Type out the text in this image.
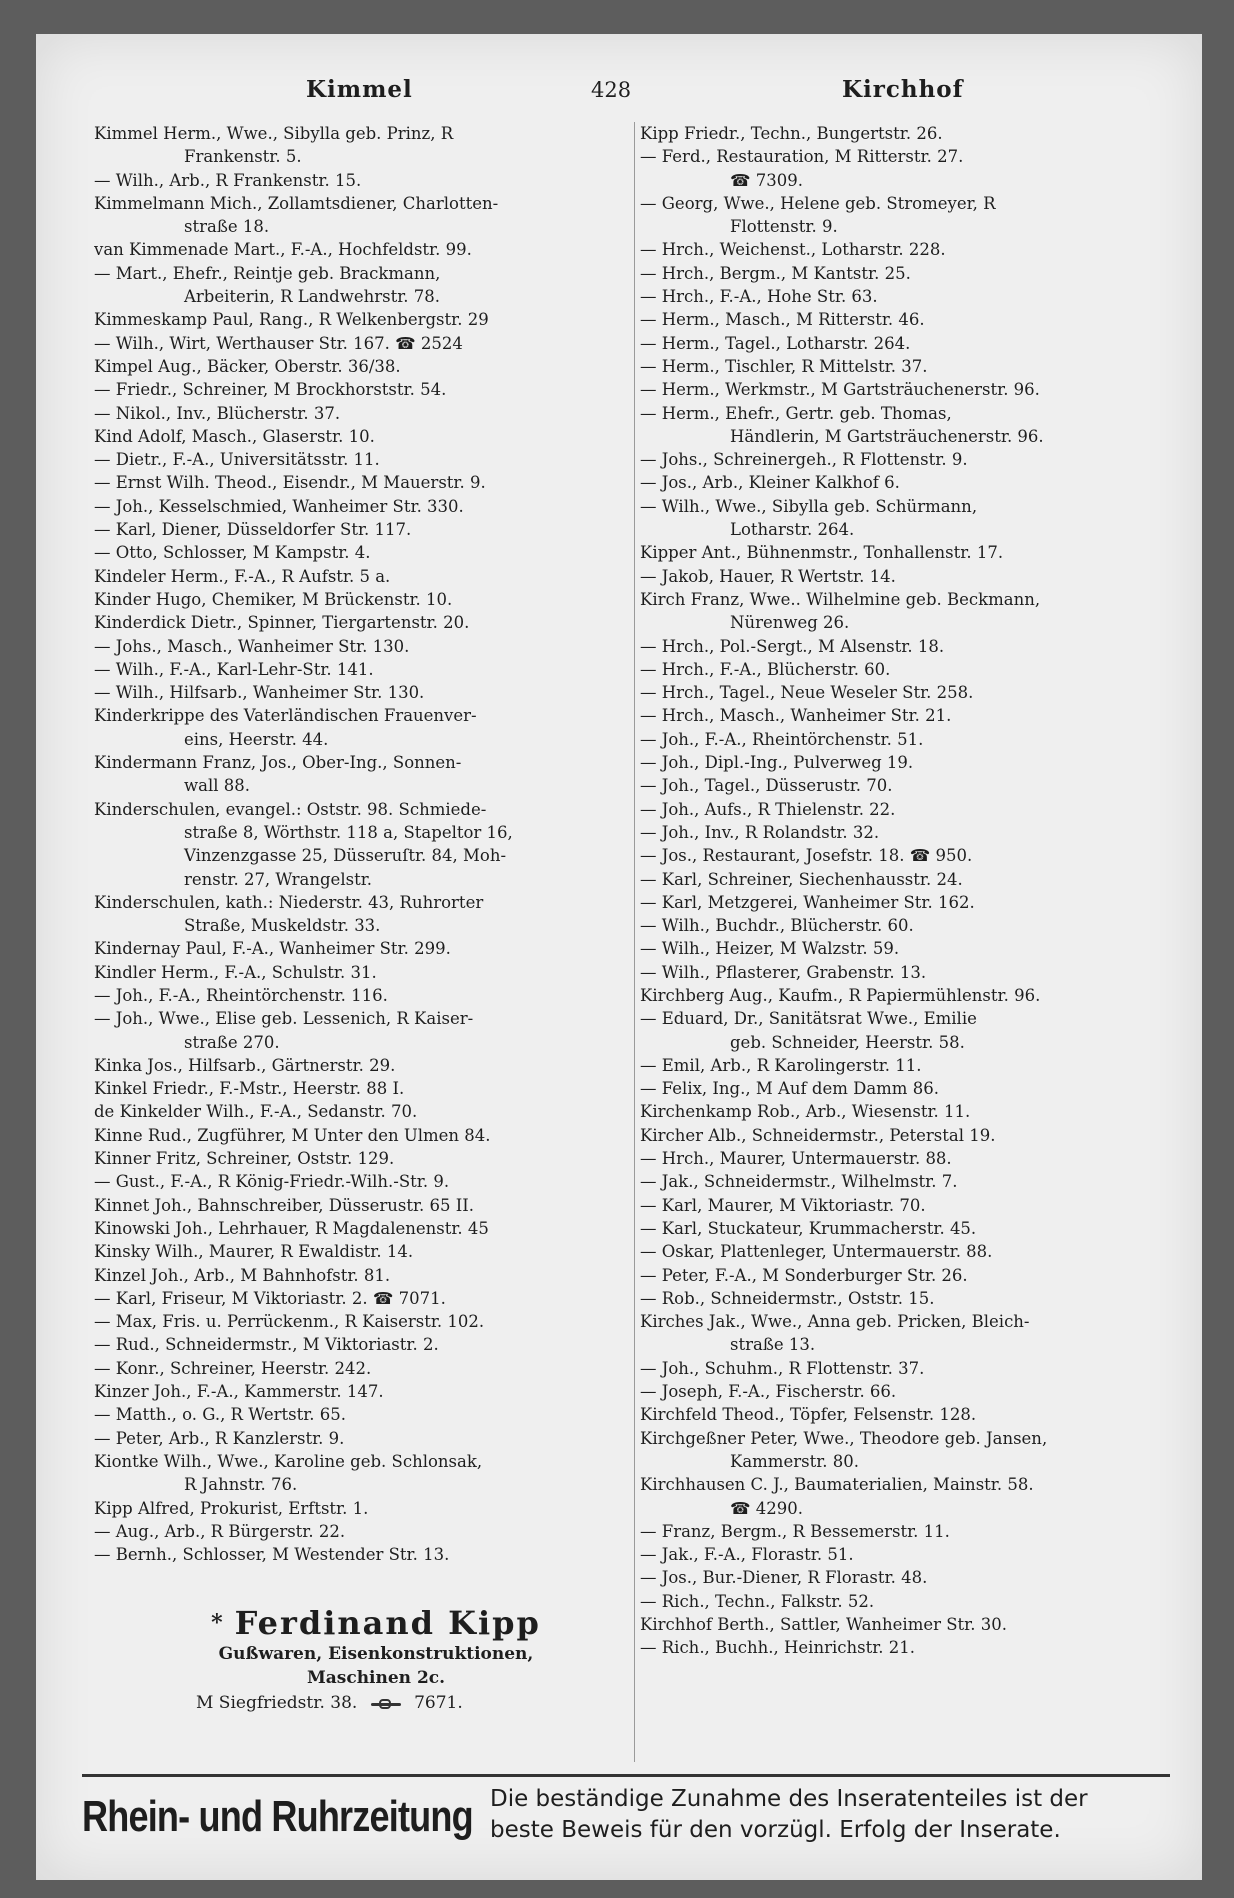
Kimmel	428	Kirchhof
Kimmel Herm., Wwe., Sibylla geb. Prinz, R
Frankenstr. 5.
— Wilh., Arb., R Frankenstr. 15.
Kimmelmann Mich., Zollamtsdiener, Charlotten-
straße 18.
van Kimmenade Mart., F.-A., Hochfeldstr. 99.
— Mart., Ehefr., Reintje geb. Brackmann,
Arbeiterin, R Landwehrstr. 78.
Kimmeskamp Paul, Rang., R Welkenbergstr. 29
— Wilh., Wirt, Werthauser Str. 167. ☎ 2524
Kimpel Aug., Bäcker, Oberstr. 36/38.
— Friedr., Schreiner, M Brockhorststr. 54.
— Nikol., Inv., Blücherstr. 37.
Kind Adolf, Masch., Glaserstr. 10.
— Dietr., F.-A., Universitätsstr. 11.
— Ernst Wilh. Theod., Eisendr., M Mauerstr. 9.
— Joh., Kesselschmied, Wanheimer Str. 330.
— Karl, Diener, Düsseldorfer Str. 117.
— Otto, Schlosser, M Kampstr. 4.
Kindeler Herm., F.-A., R Aufstr. 5 a.
Kinder Hugo, Chemiker, M Brückenstr. 10.
Kinderdick Dietr., Spinner, Tiergartenstr. 20.
— Johs., Masch., Wanheimer Str. 130.
— Wilh., F.-A., Karl-Lehr-Str. 141.
— Wilh., Hilfsarb., Wanheimer Str. 130.
Kinderkrippe des Vaterländischen Frauenver-
eins, Heerstr. 44.
Kindermann Franz, Jos., Ober-Ing., Sonnen-
wall 88.
Kinderschulen, evangel.: Oststr. 98. Schmiede-
straße 8, Wörthstr. 118 a, Stapeltor 16,
Vinzenzgasse 25, Düsseruſtr. 84, Moh-
renstr. 27, Wrangelstr.
Kinderschulen, kath.: Niederstr. 43, Ruhrorter
Straße, Muskeldstr. 33.
Kindernay Paul, F.-A., Wanheimer Str. 299.
Kindler Herm., F.-A., Schulstr. 31.
— Joh., F.-A., Rheintörchenstr. 116.
— Joh., Wwe., Elise geb. Lessenich, R Kaiser-
straße 270.
Kinka Jos., Hilfsarb., Gärtnerstr. 29.
Kinkel Friedr., F.-Mstr., Heerstr. 88 I.
de Kinkelder Wilh., F.-A., Sedanstr. 70.
Kinne Rud., Zugführer, M Unter den Ulmen 84.
Kinner Fritz, Schreiner, Oststr. 129.
— Gust., F.-A., R König-Friedr.-Wilh.-Str. 9.
Kinnet Joh., Bahnschreiber, Düsserustr. 65 II.
Kinowski Joh., Lehrhauer, R Magdalenenstr. 45
Kinsky Wilh., Maurer, R Ewaldistr. 14.
Kinzel Joh., Arb., M Bahnhofstr. 81.
— Karl, Friseur, M Viktoriastr. 2. ☎ 7071.
— Max, Fris. u. Perrückenm., R Kaiserstr. 102.
— Rud., Schneidermstr., M Viktoriastr. 2.
— Konr., Schreiner, Heerstr. 242.
Kinzer Joh., F.-A., Kammerstr. 147.
— Matth., o. G., R Wertstr. 65.
— Peter, Arb., R Kanzlerstr. 9.
Kiontke Wilh., Wwe., Karoline geb. Schlonsak,
R Jahnstr. 76.
Kipp Alfred, Prokurist, Erftstr. 1.
— Aug., Arb., R Bürgerstr. 22.
— Bernh., Schlosser, M Westender Str. 13.
Kipp Friedr., Techn., Bungertstr. 26.
— Ferd., Restauration, M Ritterstr. 27.
☎ 7309.
— Georg, Wwe., Helene geb. Stromeyer, R
Flottenstr. 9.
— Hrch., Weichenst., Lotharstr. 228.
— Hrch., Bergm., M Kantstr. 25.
— Hrch., F.-A., Hohe Str. 63.
— Herm., Masch., M Ritterstr. 46.
— Herm., Tagel., Lotharstr. 264.
— Herm., Tischler, R Mittelstr. 37.
— Herm., Werkmstr., M Gartsträuchenerstr. 96.
— Herm., Ehefr., Gertr. geb. Thomas,
Händlerin, M Gartsträuchenerstr. 96.
— Johs., Schreinergeh., R Flottenstr. 9.
— Jos., Arb., Kleiner Kalkhof 6.
— Wilh., Wwe., Sibylla geb. Schürmann,
Lotharstr. 264.
Kipper Ant., Bühnenmstr., Tonhallenstr. 17.
— Jakob, Hauer, R Wertstr. 14.
Kirch Franz, Wwe.. Wilhelmine geb. Beckmann,
Nürenweg 26.
— Hrch., Pol.-Sergt., M Alsenstr. 18.
— Hrch., F.-A., Blücherstr. 60.
— Hrch., Tagel., Neue Weseler Str. 258.
— Hrch., Masch., Wanheimer Str. 21.
— Joh., F.-A., Rheintörchenstr. 51.
— Joh., Dipl.-Ing., Pulverweg 19.
— Joh., Tagel., Düsserustr. 70.
— Joh., Aufs., R Thielenstr. 22.
— Joh., Inv., R Rolandstr. 32.
— Jos., Restaurant, Josefstr. 18. ☎ 950.
— Karl, Schreiner, Siechenhausstr. 24.
— Karl, Metzgerei, Wanheimer Str. 162.
— Wilh., Buchdr., Blücherstr. 60.
— Wilh., Heizer, M Walzstr. 59.
— Wilh., Pflasterer, Grabenstr. 13.
Kirchberg Aug., Kaufm., R Papiermühlenstr. 96.
— Eduard, Dr., Sanitätsrat Wwe., Emilie
geb. Schneider, Heerstr. 58.
— Emil, Arb., R Karolingerstr. 11.
— Felix, Ing., M Auf dem Damm 86.
Kirchenkamp Rob., Arb., Wiesenstr. 11.
Kircher Alb., Schneidermstr., Peterstal 19.
— Hrch., Maurer, Untermauerstr. 88.
— Jak., Schneidermstr., Wilhelmstr. 7.
— Karl, Maurer, M Viktoriastr. 70.
— Karl, Stuckateur, Krummacherstr. 45.
— Oskar, Plattenleger, Untermauerstr. 88.
— Peter, F.-A., M Sonderburger Str. 26.
— Rob., Schneidermstr., Oststr. 15.
Kirches Jak., Wwe., Anna geb. Pricken, Bleich-
straße 13.
— Joh., Schuhm., R Flottenstr. 37.
— Joseph, F.-A., Fischerstr. 66.
Kirchfeld Theod., Töpfer, Felsenstr. 128.
Kirchgeßner Peter, Wwe., Theodore geb. Jansen,
Kammerstr. 80.
Kirchhausen C. J., Baumaterialien, Mainstr. 58.
☎ 4290.
— Franz, Bergm., R Bessemerstr. 11.
— Jak., F.-A., Florastr. 51.
— Jos., Bur.-Diener, R Florastr. 48.
— Rich., Techn., Falkstr. 52.
Kirchhof Berth., Sattler, Wanheimer Str. 30.
— Rich., Buchh., Heinrichstr. 21.
* Ferdinand Kipp
Gußwaren, Eisenkonstruktionen,
Maschinen 2c.
M Siegfriedstr. 38.	7671.
Rhein- und Ruhrzeitung Die beständige Zunahme des Inseratenteiles ist der
beste Beweis für den vorzügl. Erfolg der Inserate.
